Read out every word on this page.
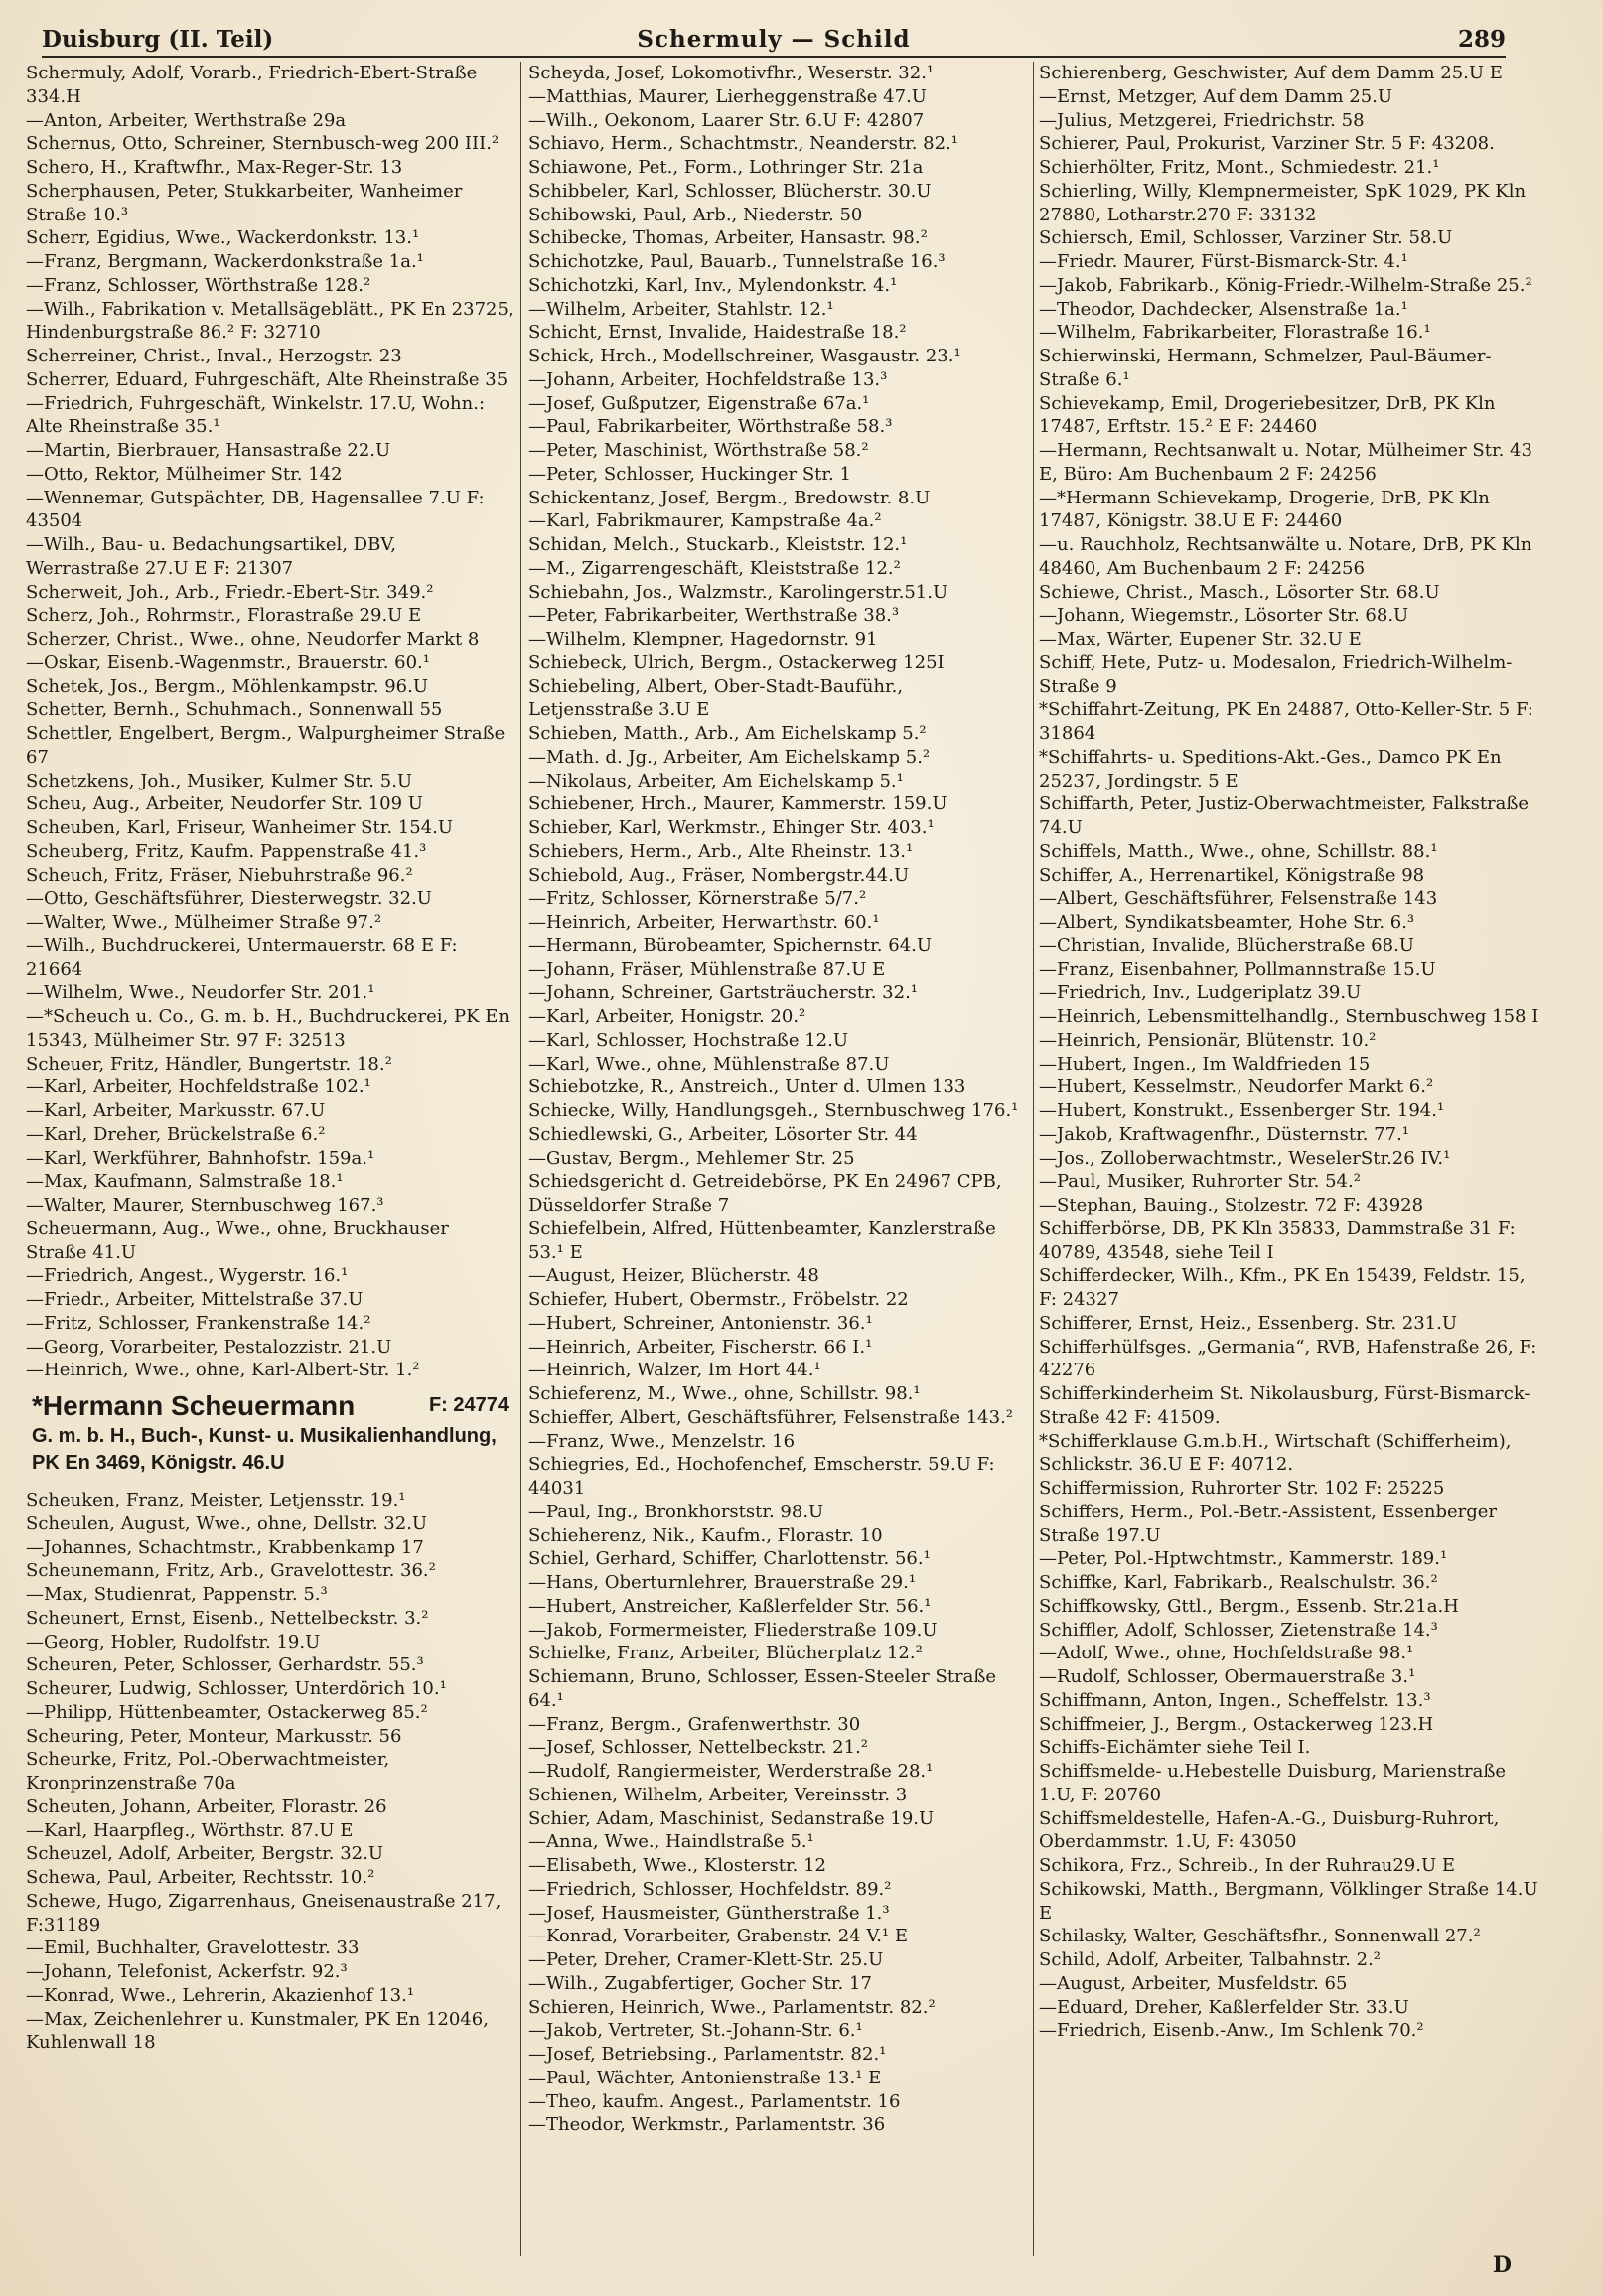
Duisburg (II. Teil)	Schermuly — Schild	289
Schermuly, Adolf, Vorarb., Friedrich-Ebert-Straße 334.H
—Anton, Arbeiter, Werthstraße 29a
Schernus, Otto, Schreiner, Sternbusch-weg 200 III.²
Schero, H., Kraftwfhr., Max-Reger-Str. 13
Scherphausen, Peter, Stukkarbeiter, Wanheimer Straße 10.³
Scherr, Egidius, Wwe., Wackerdonkstr. 13.¹
—Franz, Bergmann, Wackerdonkstraße 1a.¹
—Franz, Schlosser, Wörthstraße 128.²
—Wilh., Fabrikation v. Metallsägeblätt., PK En 23725, Hindenburgstraße 86.² F: 32710
Scherreiner, Christ., Inval., Herzogstr. 23
Scherrer, Eduard, Fuhrgeschäft, Alte Rheinstraße 35
—Friedrich, Fuhrgeschäft, Winkelstr. 17.U, Wohn.: Alte Rheinstraße 35.¹
—Martin, Bierbrauer, Hansastraße 22.U
—Otto, Rektor, Mülheimer Str. 142
—Wennemar, Gutspächter, DB, Hagensallee 7.U F: 43504
—Wilh., Bau- u. Bedachungsartikel, DBV, Werrastraße 27.U E F: 21307
Scherweit, Joh., Arb., Friedr.-Ebert-Str. 349.²
Scherz, Joh., Rohrmstr., Florastraße 29.U E
Scherzer, Christ., Wwe., ohne, Neudorfer Markt 8
—Oskar, Eisenb.-Wagenmstr., Brauerstr. 60.¹
Schetek, Jos., Bergm., Möhlenkampstr. 96.U
Schetter, Bernh., Schuhmach., Sonnenwall 55
Schettler, Engelbert, Bergm., Walpurgheimer Straße 67
Schetzkens, Joh., Musiker, Kulmer Str. 5.U
Scheu, Aug., Arbeiter, Neudorfer Str. 109 U
Scheuben, Karl, Friseur, Wanheimer Str. 154.U
Scheuberg, Fritz, Kaufm. Pappenstraße 41.³
Scheuch, Fritz, Fräser, Niebuhrstraße 96.²
—Otto, Geschäftsführer, Diesterwegstr. 32.U
—Walter, Wwe., Mülheimer Straße 97.²
—Wilh., Buchdruckerei, Untermauerstr. 68 E F: 21664
—Wilhelm, Wwe., Neudorfer Str. 201.¹
—*Scheuch u. Co., G. m. b. H., Buchdruckerei, PK En 15343, Mülheimer Str. 97 F: 32513
Scheuer, Fritz, Händler, Bungertstr. 18.²
—Karl, Arbeiter, Hochfeldstraße 102.¹
—Karl, Arbeiter, Markusstr. 67.U
—Karl, Dreher, Brückelstraße 6.²
—Karl, Werkführer, Bahnhofstr. 159a.¹
—Max, Kaufmann, Salmstraße 18.¹
—Walter, Maurer, Sternbuschweg 167.³
Scheuermann, Aug., Wwe., ohne, Bruckhauser Straße 41.U
—Friedrich, Angest., Wygerstr. 16.¹
—Friedr., Arbeiter, Mittelstraße 37.U
—Fritz, Schlosser, Frankenstraße 14.²
—Georg, Vorarbeiter, Pestalozzistr. 21.U
—Heinrich, Wwe., ohne, Karl-Albert-Str. 1.²
*Hermann Scheuermann	F: 24774
G. m. b. H., Buch-, Kunst- u. Musikalienhandlung, PK En 3469, Königstr. 46.U
Scheuken, Franz, Meister, Letjensstr. 19.¹
Scheulen, August, Wwe., ohne, Dellstr. 32.U
—Johannes, Schachtmstr., Krabbenkamp 17
Scheunemann, Fritz, Arb., Gravelottestr. 36.²
—Max, Studienrat, Pappenstr. 5.³
Scheunert, Ernst, Eisenb., Nettelbeckstr. 3.²
—Georg, Hobler, Rudolfstr. 19.U
Scheuren, Peter, Schlosser, Gerhardstr. 55.³
Scheurer, Ludwig, Schlosser, Unterdörich 10.¹
—Philipp, Hüttenbeamter, Ostackerweg 85.²
Scheuring, Peter, Monteur, Markusstr. 56
Scheurke, Fritz, Pol.-Oberwachtmeister, Kronprinzenstraße 70a
Scheuten, Johann, Arbeiter, Florastr. 26
—Karl, Haarpfleg., Wörthstr. 87.U E
Scheuzel, Adolf, Arbeiter, Bergstr. 32.U
Schewa, Paul, Arbeiter, Rechtsstr. 10.²
Schewe, Hugo, Zigarrenhaus, Gneisenaustraße 217, F:31189
—Emil, Buchhalter, Gravelottestr. 33
—Johann, Telefonist, Ackerfstr. 92.³
—Konrad, Wwe., Lehrerin, Akazienhof 13.¹
—Max, Zeichenlehrer u. Kunstmaler, PK En 12046, Kuhlenwall 18
Scheyda, Josef, Lokomotivfhr., Weserstr. 32.¹
—Matthias, Maurer, Lierheggenstraße 47.U
—Wilh., Oekonom, Laarer Str. 6.U F: 42807
Schiavo, Herm., Schachtmstr., Neanderstr. 82.¹
Schiawone, Pet., Form., Lothringer Str. 21a
Schibbeler, Karl, Schlosser, Blücherstr. 30.U
Schibowski, Paul, Arb., Niederstr. 50
Schibecke, Thomas, Arbeiter, Hansastr. 98.²
Schichotzke, Paul, Bauarb., Tunnelstraße 16.³
Schichotzki, Karl, Inv., Mylendonkstr. 4.¹
—Wilhelm, Arbeiter, Stahlstr. 12.¹
Schicht, Ernst, Invalide, Haidestraße 18.²
Schick, Hrch., Modellschreiner, Wasgaustr. 23.¹
—Johann, Arbeiter, Hochfeldstraße 13.³
—Josef, Gußputzer, Eigenstraße 67a.¹
—Paul, Fabrikarbeiter, Wörthstraße 58.³
—Peter, Maschinist, Wörthstraße 58.²
—Peter, Schlosser, Huckinger Str. 1
Schickentanz, Josef, Bergm., Bredowstr. 8.U
—Karl, Fabrikmaurer, Kampstraße 4a.²
Schidan, Melch., Stuckarb., Kleiststr. 12.¹
—M., Zigarrengeschäft, Kleiststraße 12.²
Schiebahn, Jos., Walzmstr., Karolingerstr.51.U
—Peter, Fabrikarbeiter, Werthstraße 38.³
—Wilhelm, Klempner, Hagedornstr. 91
Schiebeck, Ulrich, Bergm., Ostackerweg 125I
Schiebeling, Albert, Ober-Stadt-Bauführ., Letjensstraße 3.U E
Schieben, Matth., Arb., Am Eichelskamp 5.²
—Math. d. Jg., Arbeiter, Am Eichelskamp 5.²
—Nikolaus, Arbeiter, Am Eichelskamp 5.¹
Schiebener, Hrch., Maurer, Kammerstr. 159.U
Schieber, Karl, Werkmstr., Ehinger Str. 403.¹
Schiebers, Herm., Arb., Alte Rheinstr. 13.¹
Schiebold, Aug., Fräser, Nombergstr.44.U
—Fritz, Schlosser, Körnerstraße 5/7.²
—Heinrich, Arbeiter, Herwarthstr. 60.¹
—Hermann, Bürobeamter, Spichernstr. 64.U
—Johann, Fräser, Mühlenstraße 87.U E
—Johann, Schreiner, Gartsträucherstr. 32.¹
—Karl, Arbeiter, Honigstr. 20.²
—Karl, Schlosser, Hochstraße 12.U
—Karl, Wwe., ohne, Mühlenstraße 87.U
Schiebotzke, R., Anstreich., Unter d. Ulmen 133
Schiecke, Willy, Handlungsgeh., Sternbuschweg 176.¹
Schiedlewski, G., Arbeiter, Lösorter Str. 44
—Gustav, Bergm., Mehlemer Str. 25
Schiedsgericht d. Getreidebörse, PK En 24967 CPB, Düsseldorfer Straße 7
Schiefelbein, Alfred, Hüttenbeamter, Kanzlerstraße 53.¹ E
—August, Heizer, Blücherstr. 48
Schiefer, Hubert, Obermstr., Fröbelstr. 22
—Hubert, Schreiner, Antonienstr. 36.¹
—Heinrich, Arbeiter, Fischerstr. 66 I.¹
—Heinrich, Walzer, Im Hort 44.¹
Schieferenz, M., Wwe., ohne, Schillstr. 98.¹
Schieffer, Albert, Geschäftsführer, Felsenstraße 143.²
—Franz, Wwe., Menzelstr. 16
Schiegries, Ed., Hochofenchef, Emscherstr. 59.U F: 44031
—Paul, Ing., Bronkhorststr. 98.U
Schieherenz, Nik., Kaufm., Florastr. 10
Schiel, Gerhard, Schiffer, Charlottenstr. 56.¹
—Hans, Oberturnlehrer, Brauerstraße 29.¹
—Hubert, Anstreicher, Kaßlerfelder Str. 56.¹
—Jakob, Formermeister, Fliederstraße 109.U
Schielke, Franz, Arbeiter, Blücherplatz 12.²
Schiemann, Bruno, Schlosser, Essen-Steeler Straße 64.¹
—Franz, Bergm., Grafenwerthstr. 30
—Josef, Schlosser, Nettelbeckstr. 21.²
—Rudolf, Rangiermeister, Werderstraße 28.¹
Schienen, Wilhelm, Arbeiter, Vereinsstr. 3
Schier, Adam, Maschinist, Sedanstraße 19.U
—Anna, Wwe., Haindlstraße 5.¹
—Elisabeth, Wwe., Klosterstr. 12
—Friedrich, Schlosser, Hochfeldstr. 89.²
—Josef, Hausmeister, Güntherstraße 1.³
—Konrad, Vorarbeiter, Grabenstr. 24 V.¹ E
—Peter, Dreher, Cramer-Klett-Str. 25.U
—Wilh., Zugabfertiger, Gocher Str. 17
Schieren, Heinrich, Wwe., Parlamentstr. 82.²
—Jakob, Vertreter, St.-Johann-Str. 6.¹
—Josef, Betriebsing., Parlamentstr. 82.¹
—Paul, Wächter, Antonienstraße 13.¹ E
—Theo, kaufm. Angest., Parlamentstr. 16
—Theodor, Werkmstr., Parlamentstr. 36
Schierenberg, Geschwister, Auf dem Damm 25.U E
—Ernst, Metzger, Auf dem Damm 25.U
—Julius, Metzgerei, Friedrichstr. 58
Schierer, Paul, Prokurist, Varziner Str. 5 F: 43208.
Schierhölter, Fritz, Mont., Schmiedestr. 21.¹
Schierling, Willy, Klempnermeister, SpK 1029, PK Kln 27880, Lotharstr.270 F: 33132
Schiersch, Emil, Schlosser, Varziner Str. 58.U
—Friedr. Maurer, Fürst-Bismarck-Str. 4.¹
—Jakob, Fabrikarb., König-Friedr.-Wilhelm-Straße 25.²
—Theodor, Dachdecker, Alsenstraße 1a.¹
—Wilhelm, Fabrikarbeiter, Florastraße 16.¹
Schierwinski, Hermann, Schmelzer, Paul-Bäumer-Straße 6.¹
Schievekamp, Emil, Drogeriebesitzer, DrB, PK Kln 17487, Erftstr. 15.² E F: 24460
—Hermann, Rechtsanwalt u. Notar, Mülheimer Str. 43 E, Büro: Am Buchenbaum 2 F: 24256
—*Hermann Schievekamp, Drogerie, DrB, PK Kln 17487, Königstr. 38.U E F: 24460
—u. Rauchholz, Rechtsanwälte u. Notare, DrB, PK Kln 48460, Am Buchenbaum 2 F: 24256
Schiewe, Christ., Masch., Lösorter Str. 68.U
—Johann, Wiegemstr., Lösorter Str. 68.U
—Max, Wärter, Eupener Str. 32.U E
Schiff, Hete, Putz- u. Modesalon, Friedrich-Wilhelm-Straße 9
*Schiffahrt-Zeitung, PK En 24887, Otto-Keller-Str. 5 F: 31864
*Schiffahrts- u. Speditions-Akt.-Ges., Damco PK En 25237, Jordingstr. 5 E
Schiffarth, Peter, Justiz-Oberwachtmeister, Falkstraße 74.U
Schiffels, Matth., Wwe., ohne, Schillstr. 88.¹
Schiffer, A., Herrenartikel, Königstraße 98
—Albert, Geschäftsführer, Felsenstraße 143
—Albert, Syndikatsbeamter, Hohe Str. 6.³
—Christian, Invalide, Blücherstraße 68.U
—Franz, Eisenbahner, Pollmannstraße 15.U
—Friedrich, Inv., Ludgeriplatz 39.U
—Heinrich, Lebensmittelhandlg., Sternbuschweg 158 I
—Heinrich, Pensionär, Blütenstr. 10.²
—Hubert, Ingen., Im Waldfrieden 15
—Hubert, Kesselmstr., Neudorfer Markt 6.²
—Hubert, Konstrukt., Essenberger Str. 194.¹
—Jakob, Kraftwagenfhr., Düsternstr. 77.¹
—Jos., Zolloberwachtmstr., WeselerStr.26 IV.¹
—Paul, Musiker, Ruhrorter Str. 54.²
—Stephan, Bauing., Stolzestr. 72 F: 43928
Schifferbörse, DB, PK Kln 35833, Dammstraße 31 F: 40789, 43548, siehe Teil I
Schifferdecker, Wilh., Kfm., PK En 15439, Feldstr. 15, F: 24327
Schifferer, Ernst, Heiz., Essenberg. Str. 231.U
Schifferhülfsges. „Germania“, RVB, Hafenstraße 26, F: 42276
Schifferkinderheim St. Nikolausburg, Fürst-Bismarck-Straße 42 F: 41509.
*Schifferklause G.m.b.H., Wirtschaft (Schifferheim), Schlickstr. 36.U E F: 40712.
Schiffermission, Ruhrorter Str. 102 F: 25225
Schiffers, Herm., Pol.-Betr.-Assistent, Essenberger Straße 197.U
—Peter, Pol.-Hptwchtmstr., Kammerstr. 189.¹
Schiffke, Karl, Fabrikarb., Realschulstr. 36.²
Schiffkowsky, Gttl., Bergm., Essenb. Str.21a.H
Schiffler, Adolf, Schlosser, Zietenstraße 14.³
—Adolf, Wwe., ohne, Hochfeldstraße 98.¹
—Rudolf, Schlosser, Obermauerstraße 3.¹
Schiffmann, Anton, Ingen., Scheffelstr. 13.³
Schiffmeier, J., Bergm., Ostackerweg 123.H
Schiffs-Eichämter siehe Teil I.
Schiffsmelde- u.Hebestelle Duisburg, Marienstraße 1.U, F: 20760
Schiffsmeldestelle, Hafen-A.-G., Duisburg-Ruhrort, Oberdammstr. 1.U, F: 43050
Schikora, Frz., Schreib., In der Ruhrau29.U E
Schikowski, Matth., Bergmann, Völklinger Straße 14.U E
Schilasky, Walter, Geschäftsfhr., Sonnenwall 27.²
Schild, Adolf, Arbeiter, Talbahnstr. 2.²
—August, Arbeiter, Musfeldstr. 65
—Eduard, Dreher, Kaßlerfelder Str. 33.U
—Friedrich, Eisenb.-Anw., Im Schlenk 70.²
D
